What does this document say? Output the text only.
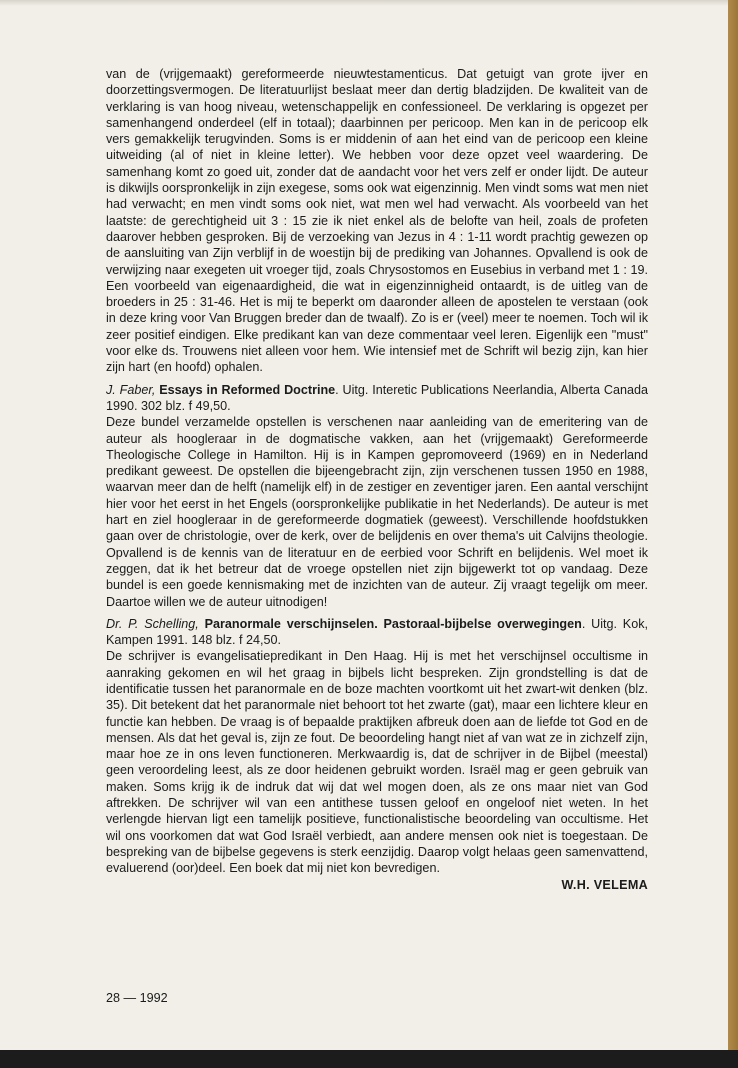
van de (vrijgemaakt) gereformeerde nieuwtestamenticus. Dat getuigt van grote ijver en doorzettingsvermogen. De literatuurlijst beslaat meer dan dertig bladzijden. De kwaliteit van de verklaring is van hoog niveau, wetenschappelijk en confessioneel. De verklaring is opgezet per samenhangend onderdeel (elf in totaal); daarbinnen per pericoop. Men kan in de pericoop elk vers gemakkelijk terugvinden. Soms is er middenin of aan het eind van de pericoop een kleine uitweiding (al of niet in kleine letter). We hebben voor deze opzet veel waardering. De samenhang komt zo goed uit, zonder dat de aandacht voor het vers zelf er onder lijdt. De auteur is dikwijls oorspronkelijk in zijn exegese, soms ook wat eigenzinnig. Men vindt soms wat men niet had verwacht; en men vindt soms ook niet, wat men wel had verwacht. Als voorbeeld van het laatste: de gerechtigheid uit 3 : 15 zie ik niet enkel als de belofte van heil, zoals de profeten daarover hebben gesproken. Bij de verzoeking van Jezus in 4 : 1-11 wordt prachtig gewezen op de aansluiting van Zijn verblijf in de woestijn bij de prediking van Johannes. Opvallend is ook de verwijzing naar exegeten uit vroeger tijd, zoals Chrysostomos en Eusebius in verband met 1 : 19. Een voorbeeld van eigenaardigheid, die wat in eigenzinnigheid ontaardt, is de uitleg van de broeders in 25 : 31-46. Het is mij te beperkt om daaronder alleen de apostelen te verstaan (ook in deze kring voor Van Bruggen breder dan de twaalf). Zo is er (veel) meer te noemen. Toch wil ik zeer positief eindigen. Elke predikant kan van deze commentaar veel leren. Eigenlijk een "must" voor elke ds. Trouwens niet alleen voor hem. Wie intensief met de Schrift wil bezig zijn, kan hier zijn hart (en hoofd) ophalen.

J. Faber, Essays in Reformed Doctrine. Uitg. Interetic Publications Neerlandia, Alberta Canada 1990. 302 blz. f 49,50.

Deze bundel verzamelde opstellen is verschenen naar aanleiding van de emeritering van de auteur als hoogleraar in de dogmatische vakken, aan het (vrijgemaakt) Gereformeerde Theologische College in Hamilton. Hij is in Kampen gepromoveerd (1969) en in Nederland predikant geweest. De opstellen die bijeengebracht zijn, zijn verschenen tussen 1950 en 1988, waarvan meer dan de helft (namelijk elf) in de zestiger en zeventiger jaren. Een aantal verschijnt hier voor het eerst in het Engels (oorspronkelijke publikatie in het Nederlands). De auteur is met hart en ziel hoogleraar in de gereformeerde dogmatiek (geweest). Verschillende hoofdstukken gaan over de christologie, over de kerk, over de belijdenis en over thema's uit Calvijns theologie. Opvallend is de kennis van de literatuur en de eerbied voor Schrift en belijdenis. Wel moet ik zeggen, dat ik het betreur dat de vroege opstellen niet zijn bijgewerkt tot op vandaag. Deze bundel is een goede kennismaking met de inzichten van de auteur. Zij vraagt tegelijk om meer. Daartoe willen we de auteur uitnodigen!

Dr. P. Schelling, Paranormale verschijnselen. Pastoraal-bijbelse overwegingen. Uitg. Kok, Kampen 1991. 148 blz. f 24,50.

De schrijver is evangelisatiepredikant in Den Haag. Hij is met het verschijnsel occultisme in aanraking gekomen en wil het graag in bijbels licht bespreken. Zijn grondstelling is dat de identificatie tussen het paranormale en de boze machten voortkomt uit het zwart-wit denken (blz. 35). Dit betekent dat het paranormale niet behoort tot het zwarte (gat), maar een lichtere kleur en functie kan hebben. De vraag is of bepaalde praktijken afbreuk doen aan de liefde tot God en de mensen. Als dat het geval is, zijn ze fout. De beoordeling hangt niet af van wat ze in zichzelf zijn, maar hoe ze in ons leven functioneren. Merkwaardig is, dat de schrijver in de Bijbel (meestal) geen veroordeling leest, als ze door heidenen gebruikt worden. Israël mag er geen gebruik van maken. Soms krijg ik de indruk dat wij dat wel mogen doen, als ze ons maar niet van God aftrekken. De schrijver wil van een antithese tussen geloof en ongeloof niet weten. In het verlengde hiervan ligt een tamelijk positieve, functionalistische beoordeling van occultisme. Het wil ons voorkomen dat wat God Israël verbiedt, aan andere mensen ook niet is toegestaan. De bespreking van de bijbelse gegevens is sterk eenzijdig. Daarop volgt helaas geen samenvattend, evaluerend (oor)deel. Een boek dat mij niet kon bevredigen.

W.H. VELEMA

28 — 1992
